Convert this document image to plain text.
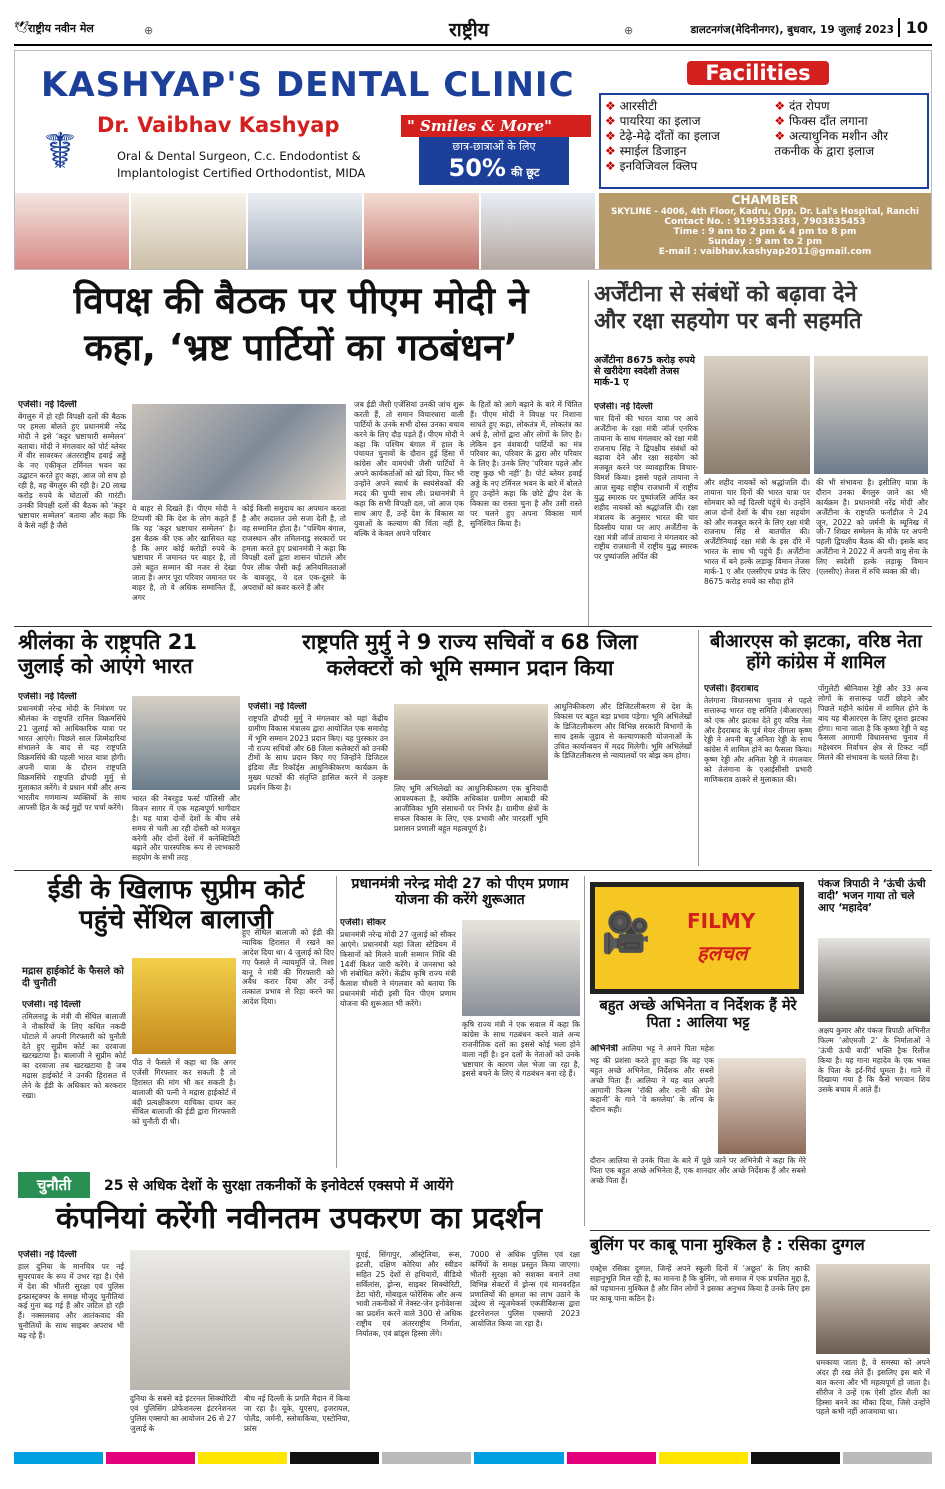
🕊
राष्ट्रीय नवीन मेल	⊕	राष्ट्रीय	⊕	डालटनगंज(मेदिनीनगर), बुधवार, 19 जुलाई 2023 10
KASHYAP'S DENTAL CLINIC
☤ Dr. Vaibhav Kashyap	" Smiles & More"
Oral & Dental Surgeon, C.c. Endodontist &
Implantologist Certified Orthodontist, MIDA
छात्र-छात्राओं के लिए
50% की छूट
Facilities
❖ आरसीटी
❖ पायरिया का इलाज
❖ टेढ़े-मेढ़े दाँतों का इलाज
❖ स्माईल डिजाइन
❖ इनविजिवल क्लिप
❖ दंत रोपण
❖ फिक्स दाँत लगाना
❖ अत्याधुनिक मशीन और तकनीक के द्वारा इलाज
CHAMBER
SKYLINE - 4006, 4th Floor, Kadru, Opp. Dr. Lal's Hospital, Ranchi
Contact No. : 9199533383, 7903835453
Time : 9 am to 2 pm & 4 pm to 8 pm
Sunday : 9 am to 2 pm
E-mail : vaibhav.kashyap2011@gmail.com
विपक्ष की बैठक पर पीएम मोदी ने
कहा, ‘भ्रष्ट पार्टियों का गठबंधन’
एजेंसी। नई दिल्ली
बेंगलुरु में हो रही विपक्षी दलों की बैठक पर हमला बोलते हुए प्रधानमंत्री नरेंद्र मोदी ने इसे ‘कट्टर भ्रष्टाचारी सम्मेलन’ बताया। मोदी ने मंगलवार को पोर्ट ब्लेयर में वीर सावरकर अंतरराष्ट्रीय हवाई अड्डे के नए एकीकृत टर्मिनल भवन का उद्घाटन करते हुए कहा, आज जो सच हो रही है, वह बेंगलुरु की रही है। 20 लाख करोड़ रुपये के घोटालों की गारंटी। उनकी विपक्षी दलों की बैठक को ‘कट्टर भ्रष्टाचार सम्मेलन’ बताया और कहा कि वे कैसे नहीं है जैसे
ये बाहर से दिखते हैं। पीएम मोदी ने टिप्पणी की कि देश के लोग कहते हैं कि यह ‘कट्टर भ्रष्टाचार सम्मेलन’ है। इस बैठक की एक और खासियत यह है कि अगर कोई करोड़ों रुपये के भ्रष्टाचार में जमानत पर बाहर है, तो उसे बहुत सम्मान की नजर से देखा जाता है। अगर पूरा परिवार जमानत पर बाहर है, तो वे अधिक सम्मानित हैं, अगर
कोई किसी समुदाय का अपमान करता है और अदालत उसे सजा देती है, तो वह सम्मानित होता है। “पश्चिम बंगाल, राजस्थान और तमिलनाडु सरकारों पर हमला करते हुए प्रधानमंत्री ने कहा कि विपक्षी दलों द्वारा शासन घोटाले और पैपर लीक जैसी कई अनियमितताओं के बावजूद, ये दल एक-दूसरे के अपराधों को कवर करने हैं और
जब ईडी जैसी एजेंसियां उनकी जांच शुरू करती हैं, तो समान विचारधारा वाली पार्टियों के उनके सभी दोस्त उनका बचाव करने के लिए दौड़ पड़ते हैं। पीएम मोदी ने कहा कि पश्चिम बंगाल में हाल के पंचायत चुनावों के दौरान हुई हिंसा में कांग्रेस और वामपंथी जैसी पार्टियों ने अपने कार्यकर्ताओं को खो दिया, फिर भी उन्होंने अपने स्वार्थ के स्वयंसेवकों की मदद की चुप्पी साध ली। प्रधानमंत्री ने कहा कि सभी विपक्षी दल, जो आज एक साथ आए हैं, उन्हें देश के विकास या युवाओं के कल्याण की चिंता नहीं है, बल्कि वे केवल अपने परिवार
के हितों को आगे बढ़ाने के बारे में चिंतित हैं। पीएम मोदी ने विपक्ष पर निशाना साधते हुए कहा, लोकतंत्र में, लोकतंत्र का अर्थ है, लोगों द्वारा और लोगों के लिए है। लेकिन इन वंशवादी पार्टियों का मंत्र परिवार का, परिवार के द्वारा और परिवार के लिए है। उनके लिए ‘परिवार पहले और राष्ट्र कुछ भी नहीं’ है। पोर्ट ब्लेयर हवाई अड्डे के नए टर्मिनल भवन के बारे में बोलते हुए उन्होंने कहा कि छोटे द्वीप देश के विकास का रास्ता चुना है और उसी रास्ते पर चलने हुए अपना विकास मार्ग सुनिश्चित किया है।
अर्जेंटीना से संबंधों को बढ़ावा देने
और रक्षा सहयोग पर बनी सहमति
अर्जेंटीना 8675 करोड़ रुपये से खरीदेगा स्वदेशी तेजस मार्क-1 ए
एजेंसी। नई दिल्ली
चार दिनों की भारत यात्रा पर आये अर्जेंटीना के रक्षा मंत्री जॉर्ज एनरिक तायाना के साथ मंगलवार को रक्षा मंत्री राजनाथ सिंह ने द्विपक्षीय संबंधों को बढ़ावा देने और रक्षा सहयोग को मजबूत करने पर व्यावहारिक विचार-विमर्श किया। इससे पहले तायाना ने आज सुबह राष्ट्रीय राजधानी में राष्ट्रीय युद्ध स्मारक पर पुष्पांजलि अर्पित कर शहीद नायकों को श्रद्धांजलि दी। रक्षा मंत्रालय के अनुसार भारत की चार दिवसीय यात्रा पर आए अर्जेंटीना के रक्षा मंत्री जॉर्ज तायाना ने मंगलवार को राष्ट्रीय राजधानी में राष्ट्रीय युद्ध स्मारक पर पुष्पांजलि अर्पित की
और शहीद नायकों को श्रद्धांजलि दी। तायाना चार दिनों की भारत यात्रा पर सोमवार को नई दिल्ली पहुंचे थे। उन्होंने आज दोनों देशों के बीच रक्षा सहयोग को और मजबूत करने के लिए रक्षा मंत्री राजनाथ सिंह से बातचीत की। अर्जेंटीनियाई रक्षा मंत्री के इस दौरे में भारत के साथ भी पहुंचे हैं। अर्जेंटीना भारत में बने हल्के लड़ाकू विमान तेजस मार्क-1 ए और एलसीएच प्रचंड के लिए 8675 करोड़ रुपये का सौदा होने
की भी संभावना है। इसीलिए यात्रा के दौरान उनका बेंगलुरु जाने का भी कार्यक्रम है। प्रधानमंत्री नरेंद्र मोदी और अर्जेंटीना के राष्ट्रपति फर्नांडीज ने 24 जून, 2022 को जर्मनी के म्यूनिख में जी-7 शिखर सम्मेलन के मौके पर अपनी पहली द्विपक्षीय बैठक की थी। इसके बाद अर्जेंटीना ने 2022 में अपनी वायु सेना के लिए स्वदेशी हल्के लड़ाकू विमान (एलसीए) तेजस में रुचि व्यक्त की थी।
श्रीलंका के राष्ट्रपति 21 जुलाई को आएंगे भारत
एजेंसी। नई दिल्ली
प्रधानमंत्री नरेन्द्र मोदी के निमंत्रण पर श्रीलंका के राष्ट्रपति रानिल विक्रमसिंघे 21 जुलाई को आधिकारिक यात्रा पर भारत आएंगे। पिछले साल जिम्मेदारियां संभालने के बाद से यह राष्ट्रपति विक्रमसिंघे की पहली भारत यात्रा होगी। अपनी यात्रा के दौरान राष्ट्रपति विक्रमसिंघे राष्ट्रपति द्रौपदी मुर्मु से मुलाकात करेंगे। वे प्रधान मंत्री और अन्य भारतीय गणमान्य व्यक्तियों के साथ आपसी हित के कई मुद्दों पर चर्चा करेंगे।
भारत की नेबरहुड फर्स्ट पॉलिसी और विजन सागर में एक महत्वपूर्ण भागीदार है। यह यात्रा दोनों देशों के बीच लंबे समय से चली आ रही दोस्ती को मजबूत करेगी और दोनों देशों में कनेक्टिविटी बढ़ाने और पारस्परिक रूप से लाभकारी सहयोग के सभी तरह
राष्ट्रपति मुर्मु ने 9 राज्य सचिवों व 68 जिला
कलेक्टरों को भूमि सम्मान प्रदान किया
एजेंसी। नई दिल्ली
राष्ट्रपति द्रौपदी मुर्मु ने मंगलवार को यहां केंद्रीय ग्रामीण विकास मंत्रालय द्वारा आयोजित एक समारोह में भूमि सम्मान 2023 प्रदान किए। यह पुरस्कार उन नौ राज्य सचिवों और 68 जिला कलेक्टरों को उनकी टीमों के साथ प्रदान किए गए जिन्होंने डिजिटल इंडिया लैंड रिकॉर्ड्स आधुनिकीकरण कार्यक्रम के मुख्य घटकों की संतृप्ति हासिल करने में उत्कृष्ट प्रदर्शन किया है।	लिए भूमि अभिलेखों का आधुनिकीकरण एक बुनियादी आवश्यकता है, क्योंकि अधिकांश ग्रामीण आबादी की आजीविका भूमि संसाधनों पर निर्भर है। ग्रामीण क्षेत्रों के सफल विकास के लिए, एक प्रभावी और पारदर्शी भूमि प्रशासन प्रणाली बहुत महत्वपूर्ण है।
आधुनिकीकरण और डिजिटलीकरण से देश के विकास पर बहुत बड़ा प्रभाव पड़ेगा। भूमि अभिलेखों के डिजिटलीकरण और विभिन्न सरकारी विभागों के साथ इसके जुड़ाव से कल्याणकारी योजनाओं के उचित कार्यान्वयन में मदद मिलेगी। भूमि अभिलेखों के डिजिटलीकरण से न्यायालयों पर बोझ कम होगा।
बीआरएस को झटका, वरिष्ठ नेता होंगे कांग्रेस में शामिल
एजेंसी। हैदराबाद
तेलंगाना विधानसभा चुनाव से पहले सत्तारूढ़ भारत राष्ट्र समिति (बीआरएस) को एक और झटका देते हुए वरिष्ठ नेता और हैदराबाद के पूर्व मेयर तीगला कृष्ण रेड्डी ने अपनी बहू अनिता रेड्डी के साथ कांग्रेस में शामिल होने का फैसला किया। कृष्ण रेड्डी और अनिता रेड्डी ने मंगलवार को तेलंगाना के एआईसीसी प्रभारी माणिकराव ठाकरे से मुलाकात की।
पोंगुलेटी श्रीनिवास रेड्डी और 33 अन्य लोगों के सत्तारूढ़ पार्टी छोड़ने और पिछले महीने कांग्रेस में शामिल होने के बाद यह बीआरएस के लिए दूसरा झटका होगा। माना जाता है कि कृष्णा रेड्डी ने यह फैसला आगामी विधानसभा चुनाव में महेश्वरम निर्वाचन क्षेत्र से टिकट नहीं मिलने की संभावना के चलते लिया है।
ईडी के खिलाफ सुप्रीम कोर्ट
पहुंचे सेंथिल बालाजी
मद्रास हाईकोर्ट के फैसले को दी चुनौती
एजेंसी। नई दिल्ली
तमिलनाडु के मंत्री वी सेंथिल बालाजी ने नौकरियों के लिए कथित नकदी घोटाले में अपनी गिरफ्तारी को चुनौती देते हुए सुप्रीम कोर्ट का दरवाजा खटखटाया है। बालाजी ने सुप्रीम कोर्ट का दरवाजा तब खटखटाया है जब मद्रास हाईकोर्ट ने उनकी हिरासत में लेने के ईडी के अधिकार को बरकरार रखा।
पीठ ने फैसले में कहा था कि अगर एजेंसी गिरफ्तार कर सकती है तो हिरासत की मांग भी कर सकती है। बालाजी की पत्नी ने मद्रास हाईकोर्ट में बंदी प्रत्यक्षीकरण याचिका दायर कर सेंथिल बालाजी की ईडी द्वारा गिरफ्तारी को चुनौती दी थी।
हुए सेंथिल बालाजी को ईडी की न्यायिक हिरासत में रखने का आदेश दिया था। 4 जुलाई को दिए गए फैसले में न्यायमूर्ति जे. निशा बानू ने मंत्री की गिरफ्तारी को अवैध करार दिया और उन्हें तत्काल प्रभाव से रिहा करने का आदेश दिया।
प्रधानमंत्री नरेन्द्र मोदी 27 को पीएम प्रणाम योजना की करेंगे शुरूआत
एजेंसी। सीकर
प्रधानमंत्री नरेन्द्र मोदी 27 जुलाई को सीकर आएंगे। प्रधानमंत्री यहां जिला स्टेडियम में किसानों को मिलने वाली सम्मान निधि की 14वीं किश्त जारी करेंगे। वे जनसभा को भी संबोधित करेंगे। केंद्रीय कृषि राज्य मंत्री कैलाश चौधरी ने मंगलवार को बताया कि प्रधानमंत्री मोदी इसी दिन पीएम प्रणाम योजना की शुरूआत भी करेंगे।
कृषि राज्य मंत्री ने एक सवाल में कहा कि कांग्रेस के साथ गठबंधन करने वाले अन्य राजनीतिक दलों का इससे कोई भला होने वाला नहीं है। इन दलों के नेताओं को उनके भ्रष्टाचार के कारण जेल भेजा जा रहा है, इससे बचने के लिए ये गठबंधन बना रहे हैं।
🎥 FILMY
हलचल
बहुत अच्छे अभिनेता व निर्देशक हैं मेरे पिता : आलिया भट्ट
अभिनेत्री आलिया भट्ट ने अपने पिता महेश भट्ट की प्रशंसा करते हुए कहा कि वह एक बहुत अच्छे अभिनेता, निर्देशक और सबसे अच्छे पिता हैं। आलिया ने यह बात अपनी आगामी फिल्म ‘रॉकी और रानी की प्रेम कहानी’ के गाने ‘वे कमलेया’ के लॉन्च के दौरान कही।
दौरान आलिया से उनके पिता के बारे में पूछे जाने पर अभिनेत्री ने कहा कि मेरे पिता एक बहुत अच्छे अभिनेता हैं, एक शानदार और अच्छे निर्देशक हैं और सबसे अच्छे पिता हैं।
पंकज त्रिपाठी ने ‘ऊंची ऊंची वादी’ भजन गाया तो चले आए ‘महादेव’
अक्षय कुमार और पंकज त्रिपाठी अभिनीत फिल्म ‘ओएमजी 2’ के निर्माताओं ने ‘ऊंची ऊंची वादी’ भक्ति ट्रैक रिलीज किया है। यह गाना महादेव के एक भक्त के पिता के इर्द-गिर्द घूमता है। गाने में दिखाया गया है कि कैसे भगवान शिव उसके बचाव में आते हैं।
चुनौती	25 से अधिक देशों के सुरक्षा तकनीकों के इनोवेटर्स एक्सपो में आयेंगे
कंपनियां करेंगी नवीनतम उपकरण का प्रदर्शन
एजेंसी। नई दिल्ली
हाल दुनिया के मानचित्र पर नई सुपरपावर के रूप में उभर रहा है। ऐसे में देश की भीतरी सुरक्षा एवं पुलिस इन्फ्रास्ट्रक्चर के समक्ष मौजूद चुनौतियां कई गुना बढ़ गई हैं और जटिल हो रही हैं। नक्सलवाद और आतंकवाद की चुनौतियों के साथ साइबर अपराध भी बढ़ रहे हैं।
दुनिया के सबसे बड़े इंटरनल सिक्योरिटी एवं पुलिसिंग प्रोफेशनल्स इंटरनेशनल पुलिस एक्सपो का आयोजन 26 से 27 जुलाई के
बीच नई दिल्ली के प्रगति मैदान में किया जा रहा है। यूके, यूएसए, इजरायल, पोलैंड, जर्मनी, स्लोवाकिया, एस्टोनिया, फ्रांस
यूएई, सिंगापुर, ऑस्ट्रेलिया, रूस, इटली, दक्षिण कोरिया और स्वीडन सहित 25 देशों से हथियारों, वीडियो सर्विलांस, ड्रोन्स, साइबर सिक्योरिटी, डेटा चोरी, मोबाइल फोरेंसिक और अन्य भावी तकनीकों में नेक्स्ट-जेन इनोवेशन्स का प्रदर्शन करने वाले 300 से अधिक राष्ट्रीय एवं अंतरराष्ट्रीय निर्माता, निर्यातक, एवं ब्रांड्स हिस्सा लेंगे।
7000 से अधिक पुलिस एवं रक्षा कर्मियों के समक्ष प्रस्तुत किया जाएगा। भीतरी सुरक्षा को सशक्त बनाने तथा विभिन्न सेक्टरों में ड्रोन्स एवं मानवरहित प्रणालियों की क्षमता का लाभ उठाने के उद्देश्य से न्यूजमेकर्स एक्जीबिशन्स द्वारा इंटरनेशनल पुलिस एक्सपो 2023 आयोजित किया जा रहा है।
बुलिंग पर काबू पाना मुश्किल है : रसिका दुग्गल
एक्ट्रेस रसिका दुग्गल, जिन्हें अपने स्कूली दिनों में ‘अछूत’ के लिए काफी सहानुभूति मिल रही है, का मानना है कि बुलिंग, जो समाज में एक प्रचलित मुद्दा है, को पहचानना मुश्किल है और जिन लोगों ने इसका अनुभव किया है उनके लिए इस पर काबू पाना कठिन है।
धमकाया जाता है, वे समस्या को अपने अंदर ही रख लेते हैं। इसलिए इस बारे में बात करना और भी महत्वपूर्ण हो जाता है। सीरीज ने उन्हें एक ऐसी हॉरर शैली का हिस्सा बनने का मौका दिया, जिसे उन्होंने पहले कभी नहीं आजमाया था।
